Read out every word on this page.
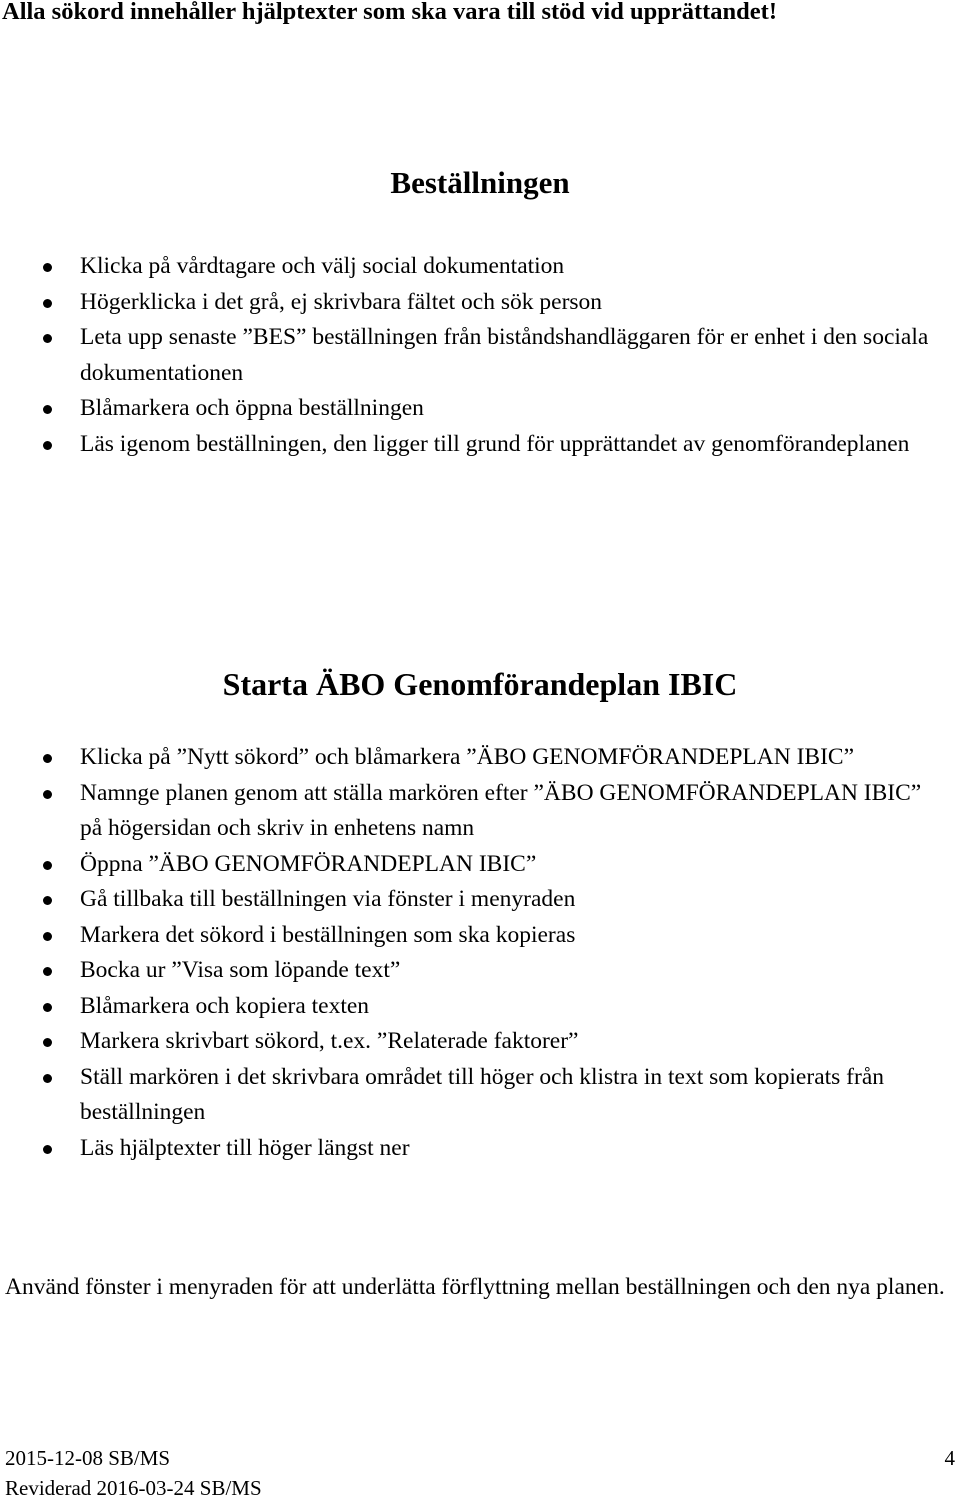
Alla sökord innehåller hjälptexter som ska vara till stöd vid upprättandet!
Beställningen
Klicka på vårdtagare och välj social dokumentation
Högerklicka i det grå, ej skrivbara fältet och sök person
Leta upp senaste ”BES” beställningen från biståndshandläggaren för er enhet i den sociala dokumentationen
Blåmarkera och öppna beställningen
Läs igenom beställningen, den ligger till grund för upprättandet av genomförandeplanen
Starta ÄBO Genomförandeplan IBIC
Klicka på ”Nytt sökord” och blåmarkera ”ÄBO GENOMFÖRANDEPLAN IBIC”
Namnge planen genom att ställa markören efter ”ÄBO GENOMFÖRANDEPLAN IBIC” på högersidan och skriv in enhetens namn
Öppna ”ÄBO GENOMFÖRANDEPLAN IBIC”
Gå tillbaka till beställningen via fönster i menyraden
Markera det sökord i beställningen som ska kopieras
Bocka ur ”Visa som löpande text”
Blåmarkera och kopiera texten
Markera skrivbart sökord, t.ex. ”Relaterade faktorer”
Ställ markören i det skrivbara området till höger och klistra in text som kopierats från beställningen
Läs hjälptexter till höger längst ner

Använd fönster i menyraden för att underlätta förflyttning mellan beställningen och den nya planen.

2015-12-08 SB/MS
Reviderad 2016-03-24 SB/MS
4
